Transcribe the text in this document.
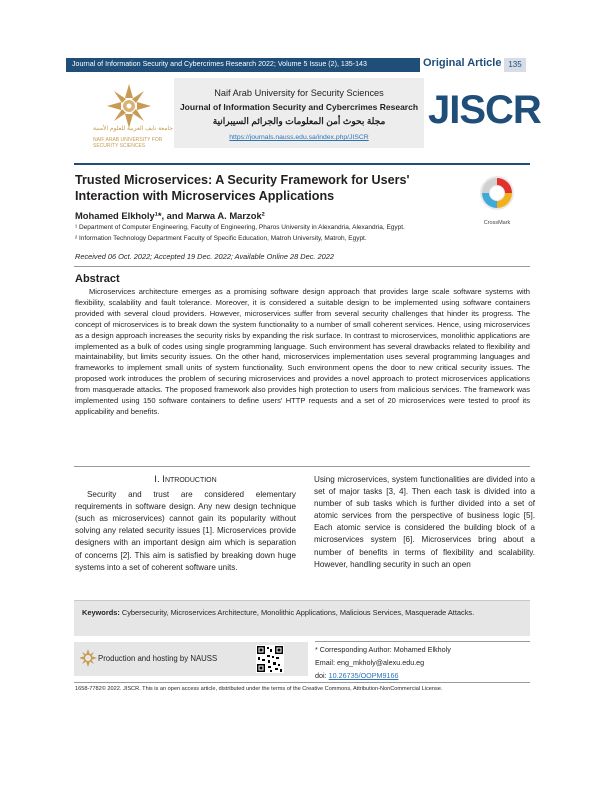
Journal of Information Security and Cybercrimes Research 2022; Volume 5 Issue (2), 135-143	Original Article 135
جامعة نايف العربية للعلوم الأمنية
NAIF ARAB UNIVERSITY FOR SECURITY SCIENCES
Naif Arab University for Security Sciences
Journal of Information Security and Cybercrimes Research
مجلة بحوث أمن المعلومات والجرائم السيبرانية
https://journals.nauss.edu.sa/index.php/JISCR
JISCR
Trusted Microservices: A Security Framework for Users' Interaction with Microservices Applications
CrossMark
Mohamed Elkholy¹*, and Marwa A. Marzok²
¹ Department of Computer Engineering, Faculty of Engineering, Pharos University in Alexandria, Alexandria, Egypt.
² Information Technology Department Faculty of Specific Education, Matroh University, Matroh, Egypt.
Received 06 Oct. 2022; Accepted 19 Dec. 2022; Available Online 28 Dec. 2022
Abstract
Microservices architecture emerges as a promising software design approach that provides large scale software systems with flexibility, scalability and fault tolerance. Moreover, it is considered a suitable design to be implemented using software containers provided with several cloud providers. However, microservices suffer from several security challenges that hinder its progress. The concept of microservices is to break down the system functionality to a number of small coherent services. Hence, using microservices as a design approach increases the security risks by expanding the risk surface. In contrast to microservices, monolithic applications are implemented as a bulk of codes using single programming language. Such environment has several drawbacks related to flexibility and maintainability, but limits security issues. On the other hand, microservices implementation uses several programming languages and frameworks to implement small units of system functionality. Such environment opens the door to new critical security issues. The proposed work introduces the problem of securing microservices and provides a novel approach to protect microservices applications from masquerade attacks. The proposed framework also provides high protection to users from malicious services. The framework was implemented using 150 software containers to define users' HTTP requests and a set of 20 microservices were tested to proof its applicability and benefits.
I. Introduction
Security and trust are considered elementary requirements in software design. Any new design technique (such as microservices) cannot gain its popularity without solving any related security issues [1]. Microservices provide designers with an important design aim which is separation of concerns [2]. This aim is satisfied by breaking down huge systems into a set of coherent software units.
Using microservices, system functionalities are divided into a set of major tasks [3, 4]. Then each task is divided into a number of sub tasks which is further divided into a set of atomic services from the perspective of business logic [5]. Each atomic service is considered the building block of a microservices system [6]. Microservices bring about a number of benefits in terms of flexibility and scalability. However, handling security in such an open
Keywords: Cybersecurity, Microservices Architecture, Monolithic Applications, Malicious Services, Masquerade Attacks.
Production and hosting by NAUSS
* Corresponding Author: Mohamed Elkholy
Email: eng_mkholy@alexu.edu.eg
doi: 10.26735/OOPM9166
1658-7782© 2022. JISCR. This is an open access article, distributed under the terms of the Creative Commons, Attribution-NonCommercial License.
